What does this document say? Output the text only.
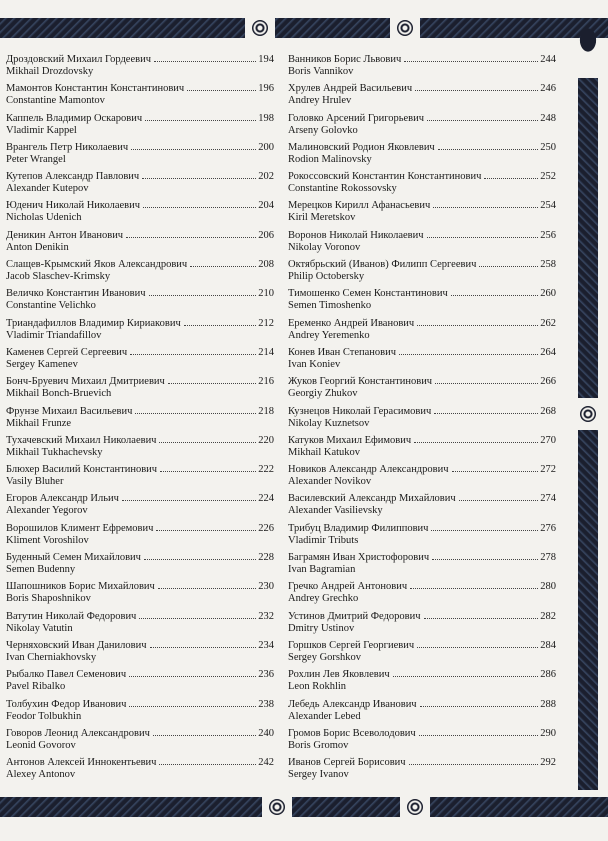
Дроздовский Михаил Гордеевич	194
Mikhail Drozdovsky
Мамонтов Константин Константинович	196
Constantine Mamontov
Каппель Владимир Оскарович	198
Vladimir Kappel
Врангель Петр Николаевич	200
Peter Wrangel
Кутепов Александр Павлович	202
Alexander Kutepov
Юденич Николай Николаевич	204
Nicholas Udenich
Деникин Антон Иванович	206
Anton Denikin
Слащев-Крымский Яков Александрович	208
Jacob Slaschev-Krimsky
Величко Константин Иванович	210
Constantine Velichko
Триандафиллов Владимир Кириакович	212
Vladimir Triandafillov
Каменев Сергей Сергеевич	214
Sergey Kamenev
Бонч-Бруевич Михаил Дмитриевич	216
Mikhail Bonch-Bruevich
Фрунзе Михаил Васильевич	218
Mikhail Frunze
Тухачевский Михаил Николаевич	220
Mikhail Tukhachevsky
Блюхер Василий Константинович	222
Vasily Bluher
Егоров Александр Ильич	224
Alexander Yegorov
Ворошилов Климент Ефремович	226
Kliment Voroshilov
Буденный Семен Михайлович	228
Semen Budenny
Шапошников Борис Михайлович	230
Boris Shaposhnikov
Ватутин Николай Федорович	232
Nikolay Vatutin
Черняховский Иван Данилович	234
Ivan Cherniakhovsky
Рыбалко Павел Семенович	236
Pavel Ribalko
Толбухин Федор Иванович	238
Feodor Tolbukhin
Говоров Леонид Александрович	240
Leonid Govorov
Антонов Алексей Иннокентьевич	242
Alexey Antonov
Ванников Борис Львович	244
Boris Vannikov
Хрулев Андрей Васильевич	246
Andrey Hrulev
Головко Арсений Григорьевич	248
Arseny Golovko
Малиновский Родион Яковлевич	250
Rodion Malinovsky
Рокоссовский Константин Константинович	252
Constantine Rokossovsky
Мерецков Кирилл Афанасьевич	254
Kiril Meretskov
Воронов Николай Николаевич	256
Nikolay Voronov
Октябрьский (Иванов) Филипп Сергеевич	258
Philip Octobersky
Тимошенко Семен Константинович	260
Semen Timoshenko
Еременко Андрей Иванович	262
Andrey Yeremenko
Конев Иван Степанович	264
Ivan Koniev
Жуков Георгий Константинович	266
Georgiy Zhukov
Кузнецов Николай Герасимович	268
Nikolay Kuznetsov
Катуков Михаил Ефимович	270
Mikhail Katukov
Новиков Александр Александрович	272
Alexander Novikov
Василевский Александр Михайлович	274
Alexander Vasilievsky
Трибуц Владимир Филиппович	276
Vladimir Tributs
Баграмян Иван Христофорович	278
Ivan Bagramian
Гречко Андрей Антонович	280
Andrey Grechko
Устинов Дмитрий Федорович	282
Dmitry Ustinov
Горшков Сергей Георгиевич	284
Sergey Gorshkov
Рохлин Лев Яковлевич	286
Leon Rokhlin
Лебедь Александр Иванович	288
Alexander Lebed
Громов Борис Всеволодович	290
Boris Gromov
Иванов Сергей Борисович	292
Sergey Ivanov
